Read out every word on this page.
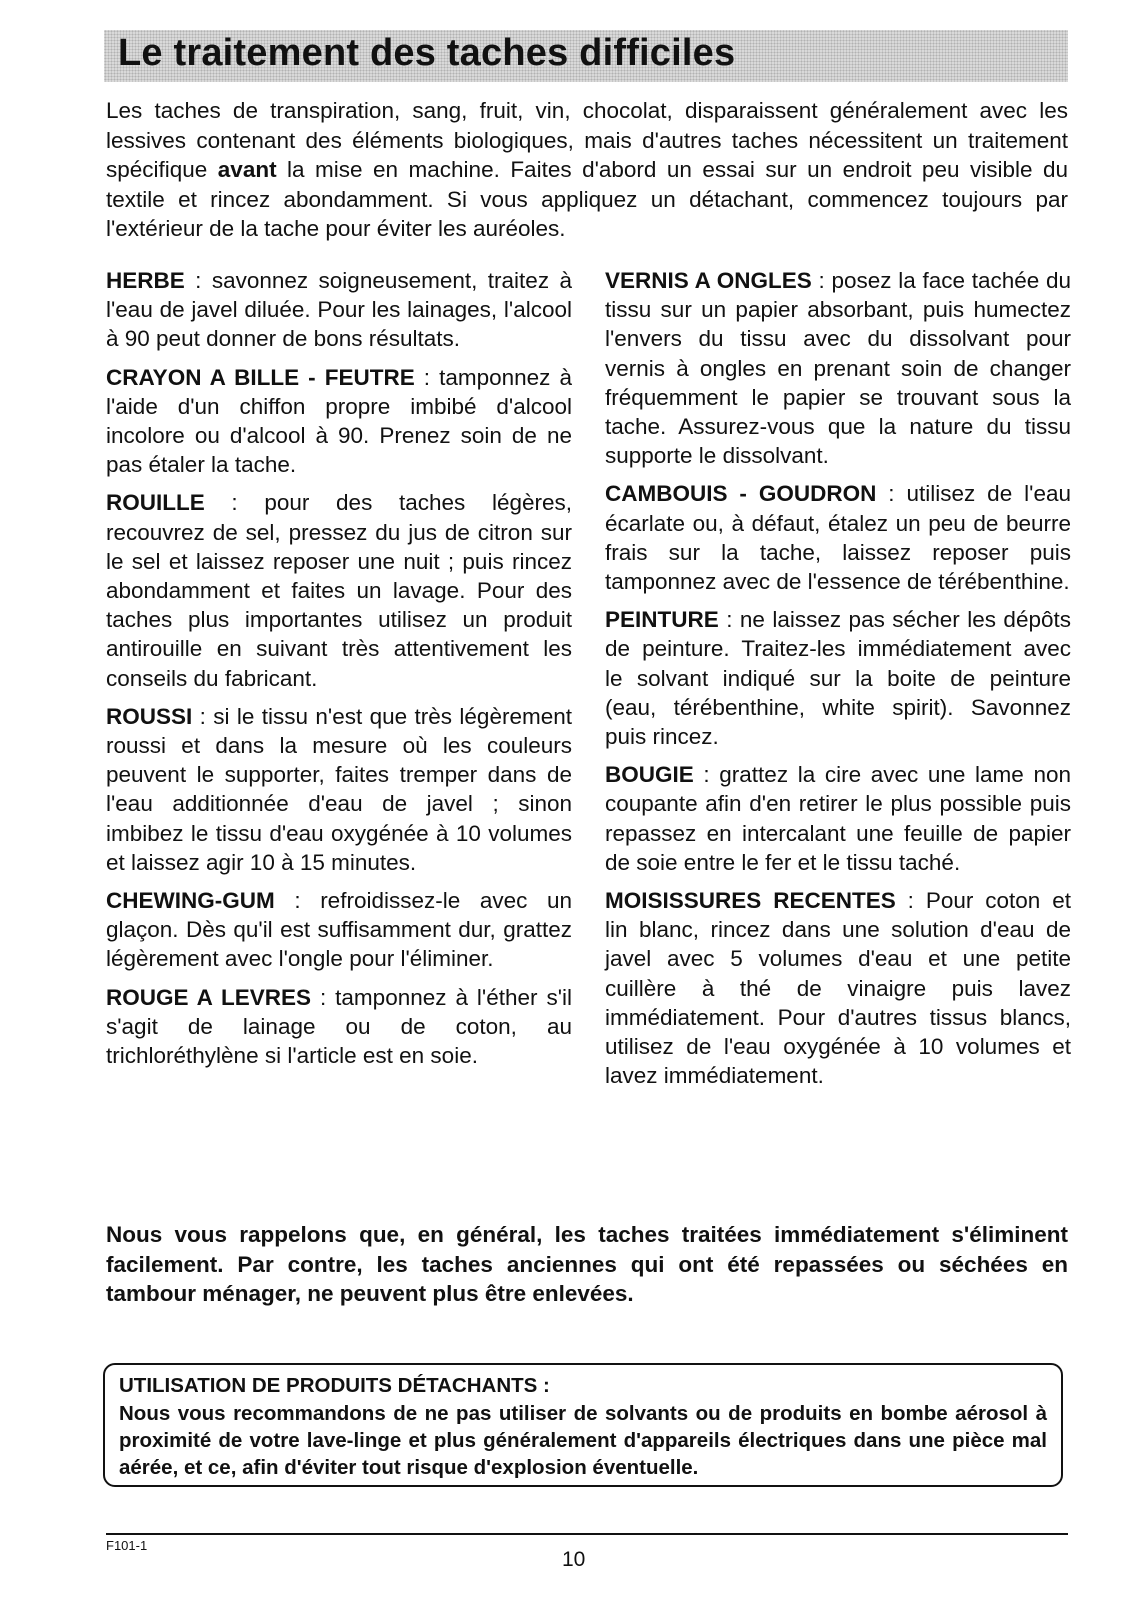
Le traitement des taches difficiles

Les taches de transpiration, sang, fruit, vin, chocolat, disparaissent généralement avec les lessives contenant des éléments biologiques, mais d'autres taches nécessitent un traitement spécifique avant la mise en machine. Faites d'abord un essai sur un endroit peu visible du textile et rincez abondamment. Si vous appliquez un détachant, commencez toujours par l'extérieur de la tache pour éviter les auréoles.

HERBE : savonnez soigneusement, traitez à l'eau de javel diluée. Pour les lainages, l'alcool à 90 peut donner de bons résultats.

CRAYON A BILLE - FEUTRE : tamponnez à l'aide d'un chiffon propre imbibé d'alcool incolore ou d'alcool à 90. Prenez soin de ne pas étaler la tache.

ROUILLE : pour des taches légères, recouvrez de sel, pressez du jus de citron sur le sel et laissez reposer une nuit ; puis rincez abondamment et faites un lavage. Pour des taches plus importantes utilisez un produit antirouille en suivant très attentivement les conseils du fabricant.

ROUSSI : si le tissu n'est que très légèrement roussi et dans la mesure où les couleurs peuvent le supporter, faites tremper dans de l'eau additionnée d'eau de javel ; sinon imbibez le tissu d'eau oxygénée à 10 volumes et laissez agir 10 à 15 minutes.

CHEWING-GUM : refroidissez-le avec un glaçon. Dès qu'il est suffisamment dur, grattez légèrement avec l'ongle pour l'éliminer.

ROUGE A LEVRES : tamponnez à l'éther s'il s'agit de lainage ou de coton, au trichloréthylène si l'article est en soie.

VERNIS A ONGLES : posez la face tachée du tissu sur un papier absorbant, puis humectez l'envers du tissu avec du dissolvant pour vernis à ongles en prenant soin de changer fréquemment le papier se trouvant sous la tache. Assurez-vous que la nature du tissu supporte le dissolvant.

CAMBOUIS - GOUDRON : utilisez de l'eau écarlate ou, à défaut, étalez un peu de beurre frais sur la tache, laissez reposer puis tamponnez avec de l'essence de térébenthine.

PEINTURE : ne laissez pas sécher les dépôts de peinture. Traitez-les immédiatement avec le solvant indiqué sur la boite de peinture (eau, térébenthine, white spirit). Savonnez puis rincez.

BOUGIE : grattez la cire avec une lame non coupante afin d'en retirer le plus possible puis repassez en intercalant une feuille de papier de soie entre le fer et le tissu taché.

MOISISSURES RECENTES : Pour coton et lin blanc, rincez dans une solution d'eau de javel avec 5 volumes d'eau et une petite cuillère à thé de vinaigre puis lavez immédiatement. Pour d'autres tissus blancs, utilisez de l'eau oxygénée à 10 volumes et lavez immédiatement.

Nous vous rappelons que, en général, les taches traitées immédiatement s'éliminent facilement. Par contre, les taches anciennes qui ont été repassées ou séchées en tambour ménager, ne peuvent plus être enlevées.

UTILISATION DE PRODUITS DÉTACHANTS :

Nous vous recommandons de ne pas utiliser de solvants ou de produits en bombe aérosol à proximité de votre lave-linge et plus généralement d'appareils électriques dans une pièce mal aérée, et ce, afin d'éviter tout risque d'explosion éventuelle.

F101-1
10
